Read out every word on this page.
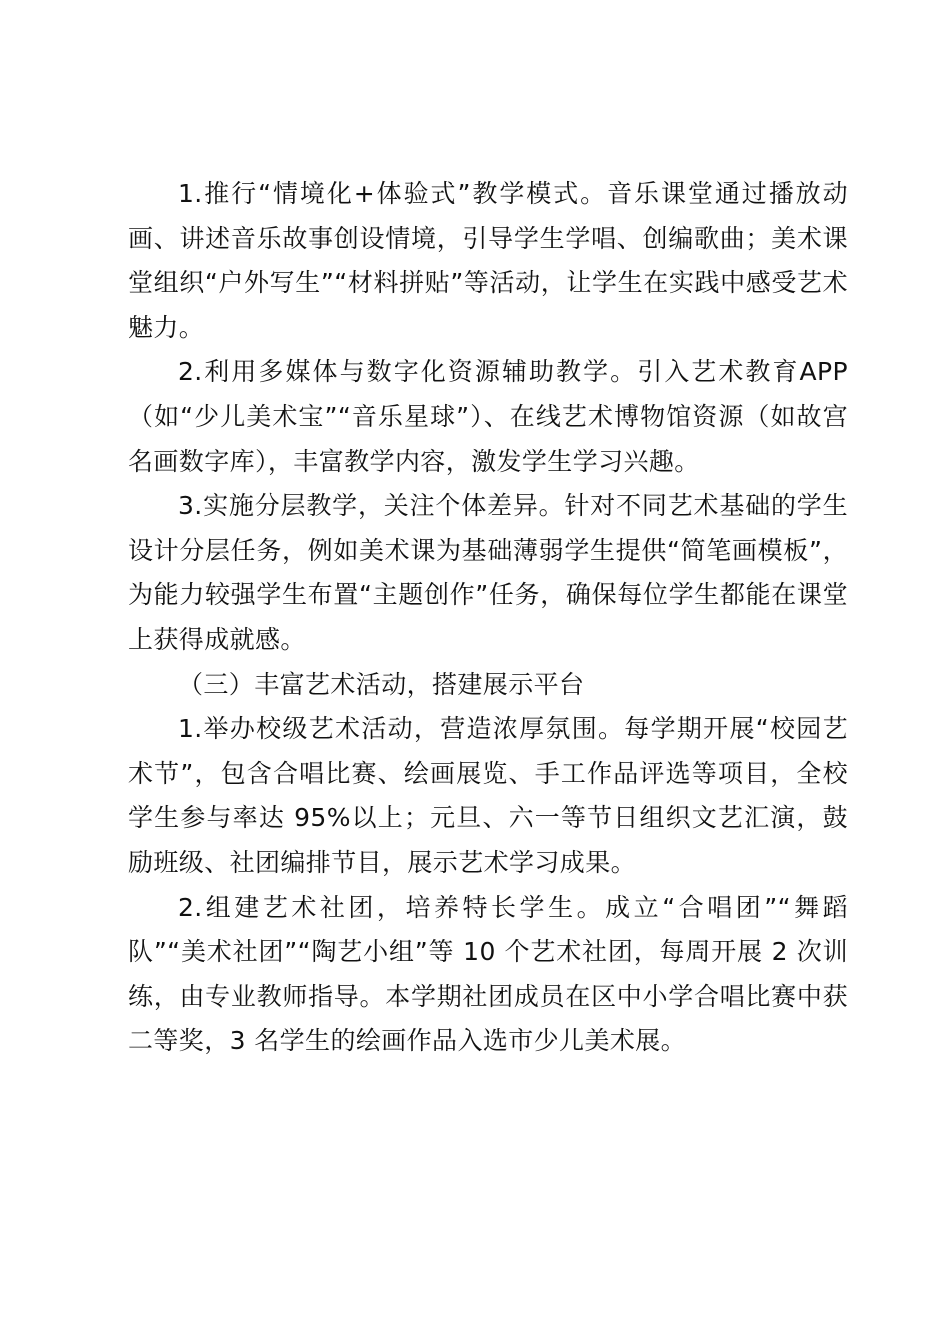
1.推行“情境化+体验式”教学模式。音乐课堂通过播放动画、讲述音乐故事创设情境，引导学生学唱、创编歌曲；美术课堂组织“户外写生”“材料拼贴”等活动，让学生在实践中感受艺术魅力。

2.利用多媒体与数字化资源辅助教学。引入艺术教育APP（如“少儿美术宝”“音乐星球”）、在线艺术博物馆资源（如故宫名画数字库），丰富教学内容，激发学生学习兴趣。

3.实施分层教学，关注个体差异。针对不同艺术基础的学生设计分层任务，例如美术课为基础薄弱学生提供“简笔画模板”，为能力较强学生布置“主题创作”任务，确保每位学生都能在课堂上获得成就感。

（三）丰富艺术活动，搭建展示平台

1.举办校级艺术活动，营造浓厚氛围。每学期开展“校园艺术节”，包含合唱比赛、绘画展览、手工作品评选等项目，全校学生参与率达 95%以上；元旦、六一等节日组织文艺汇演，鼓励班级、社团编排节目，展示艺术学习成果。

2.组建艺术社团，培养特长学生。成立“合唱团”“舞蹈队”“美术社团”“陶艺小组”等 10 个艺术社团，每周开展 2 次训练，由专业教师指导。本学期社团成员在区中小学合唱比赛中获二等奖，3 名学生的绘画作品入选市少儿美术展。
